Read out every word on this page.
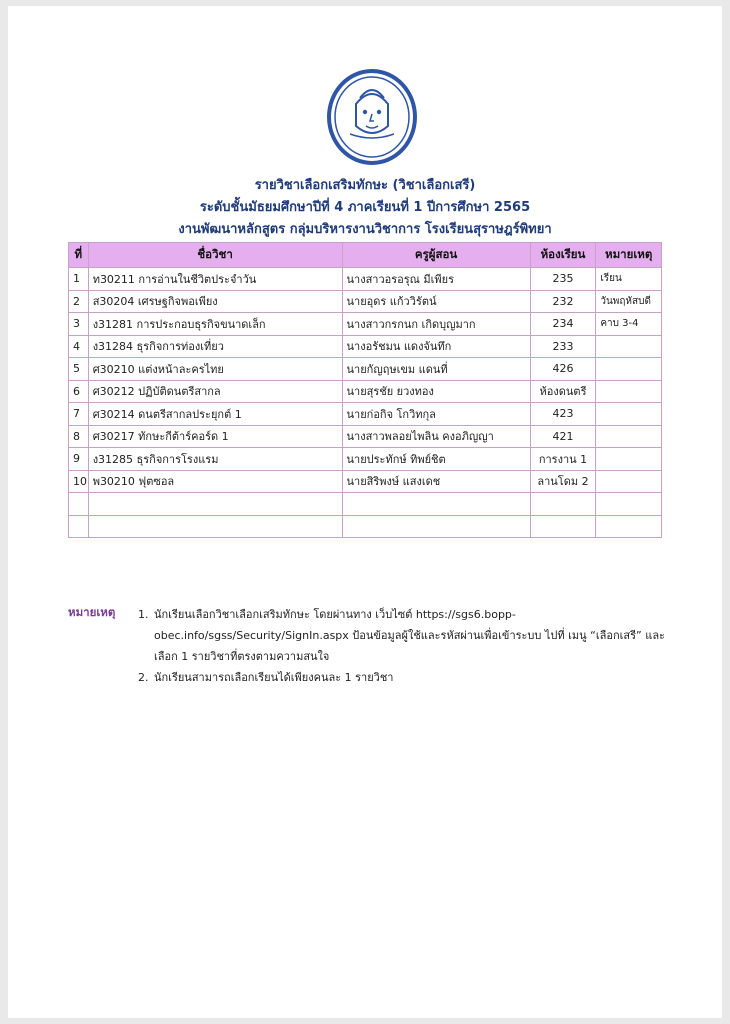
รายวิชาเลือกเสริมทักษะ (วิชาเลือกเสรี)
ระดับชั้นมัธยมศึกษาปีที่ 4 ภาคเรียนที่ 1 ปีการศึกษา 2565
งานพัฒนาหลักสูตร กลุ่มบริหารงานวิชาการ โรงเรียนสุราษฎร์พิทยา
ที่	ชื่อวิชา	ครูผู้สอน	ห้องเรียน	หมายเหตุ
1	ท30211 การอ่านในชีวิตประจำวัน	นางสาวอรอรุณ มีเพียร	235	เรียน
2	ส30204 เศรษฐกิจพอเพียง	นายอุดร แก้ววิรัตน์	232	วันพฤหัสบดี
3	ง31281 การประกอบธุรกิจขนาดเล็ก	นางสาวกรกนก เกิดบุญมาก	234	คาบ 3-4
4	ง31284 ธุรกิจการท่องเที่ยว	นางอรัชมน แดงจันทึก	233	
5	ศ30210 แต่งหน้าละครไทย	นายกัญฤษเขม แดนที่	426	
6	ศ30212 ปฏิบัติดนตรีสากล	นายสุรชัย ยวงทอง	ห้องดนตรี	
7	ศ30214 ดนตรีสากลประยุกต์ 1	นายก่อกิจ โกวิทกุล	423	
8	ศ30217 ทักษะกีต้าร์คอร์ด 1	นางสาวพลอยไพลิน คงอภิญญา	421	
9	ง31285 ธุรกิจการโรงแรม	นายประทักษ์ ทิพย์ชิต	การงาน 1	
10	พ30210 ฟุตซอล	นายสิริพงษ์ แสงเดช	ลานโดม 2	

หมายเหตุ 1. นักเรียนเลือกวิชาเลือกเสริมทักษะ โดยผ่านทาง เว็บไซต์ https://sgs6.bopp-obec.info/sgss/Security/SignIn.aspx ป้อนข้อมูลผู้ใช้และรหัสผ่านเพื่อเข้าระบบ ไปที่ เมนู “เลือกเสรี” และเลือก 1 รายวิชาที่ตรงตามความสนใจ
2. นักเรียนสามารถเลือกเรียนได้เพียงคนละ 1 รายวิชา
